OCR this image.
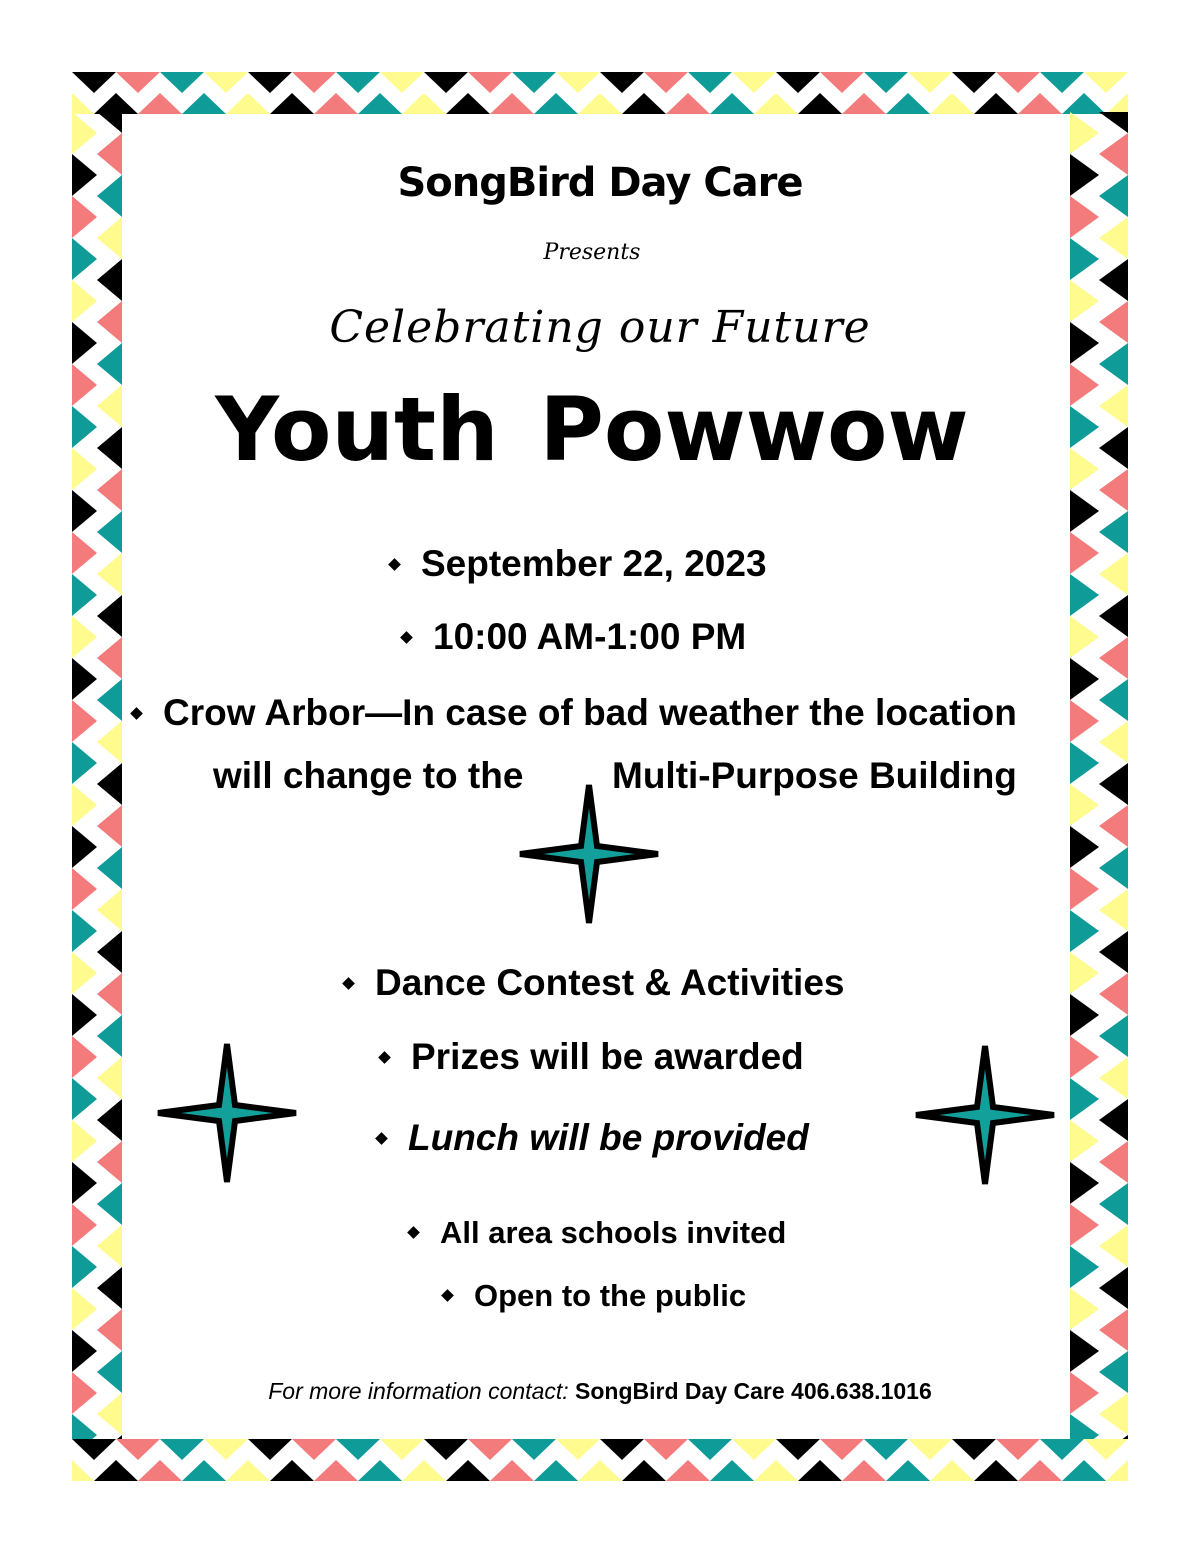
SongBird Day Care
Presents
Celebrating our Future
Youth Powwow
September 22, 2023
10:00 AM-1:00 PM
Crow Arbor—In case of bad weather the location
will change to the Multi-Purpose Building
Dance Contest & Activities
Prizes will be awarded
Lunch will be provided
All area schools invited
Open to the public
For more information contact: SongBird Day Care 406.638.1016
